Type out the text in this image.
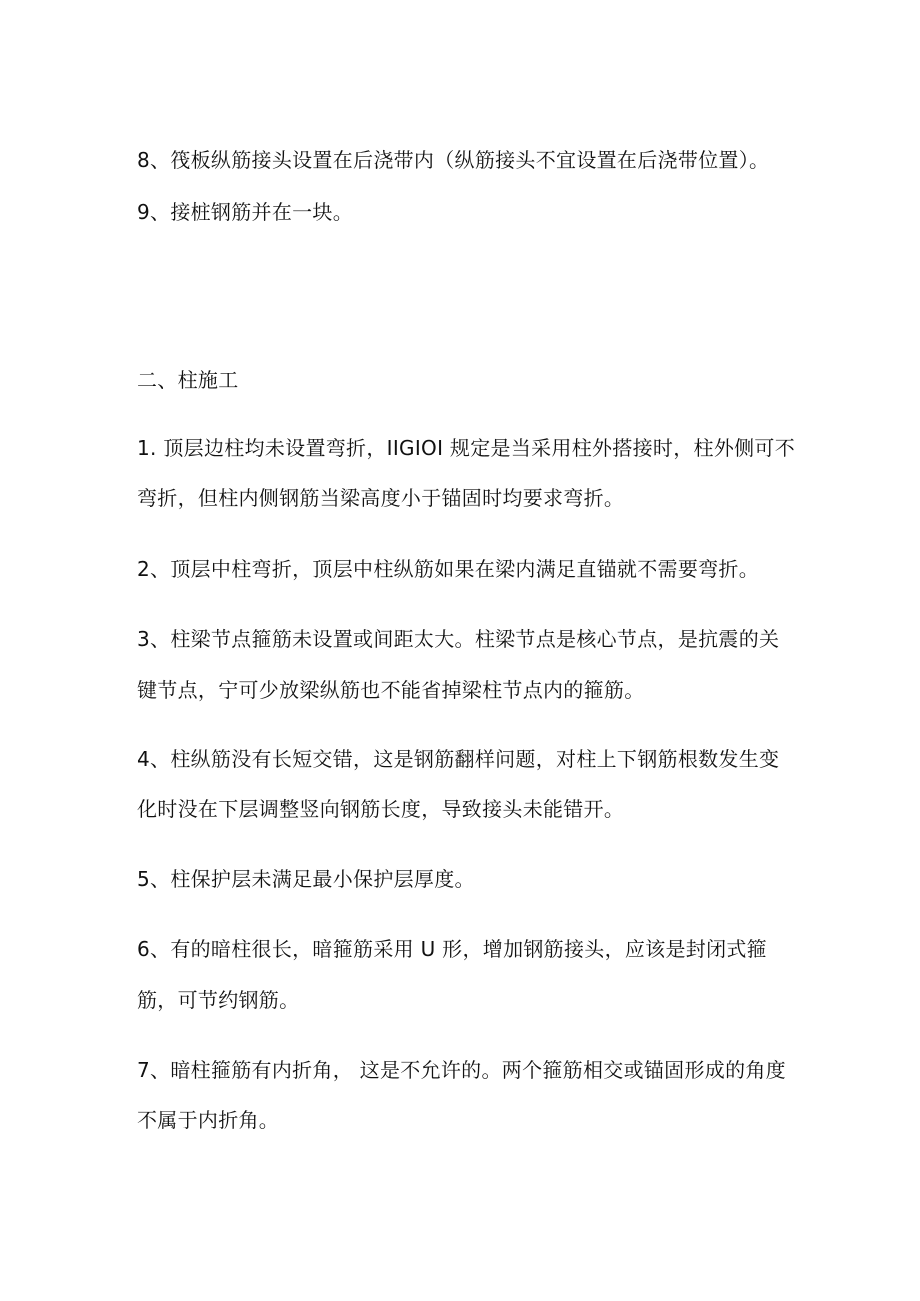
8、筏板纵筋接头设置在后浇带内（纵筋接头不宜设置在后浇带位置）。
9、接桩钢筋并在一块。
二、柱施工
1. 顶层边柱均未设置弯折，IIGIOI 规定是当采用柱外搭接时，柱外侧可不
弯折，但柱内侧钢筋当梁高度小于锚固时均要求弯折。
2、顶层中柱弯折，顶层中柱纵筋如果在梁内满足直锚就不需要弯折。
3、柱梁节点箍筋未设置或间距太大。柱梁节点是核心节点，是抗震的关
键节点，宁可少放梁纵筋也不能省掉梁柱节点内的箍筋。
4、柱纵筋没有长短交错，这是钢筋翻样问题，对柱上下钢筋根数发生变
化时没在下层调整竖向钢筋长度，导致接头未能错开。
5、柱保护层未满足最小保护层厚度。
6、有的暗柱很长，暗箍筋采用 U 形，增加钢筋接头，应该是封闭式箍
筋，可节约钢筋。
7、暗柱箍筋有内折角， 这是不允许的。两个箍筋相交或锚固形成的角度
不属于内折角。
